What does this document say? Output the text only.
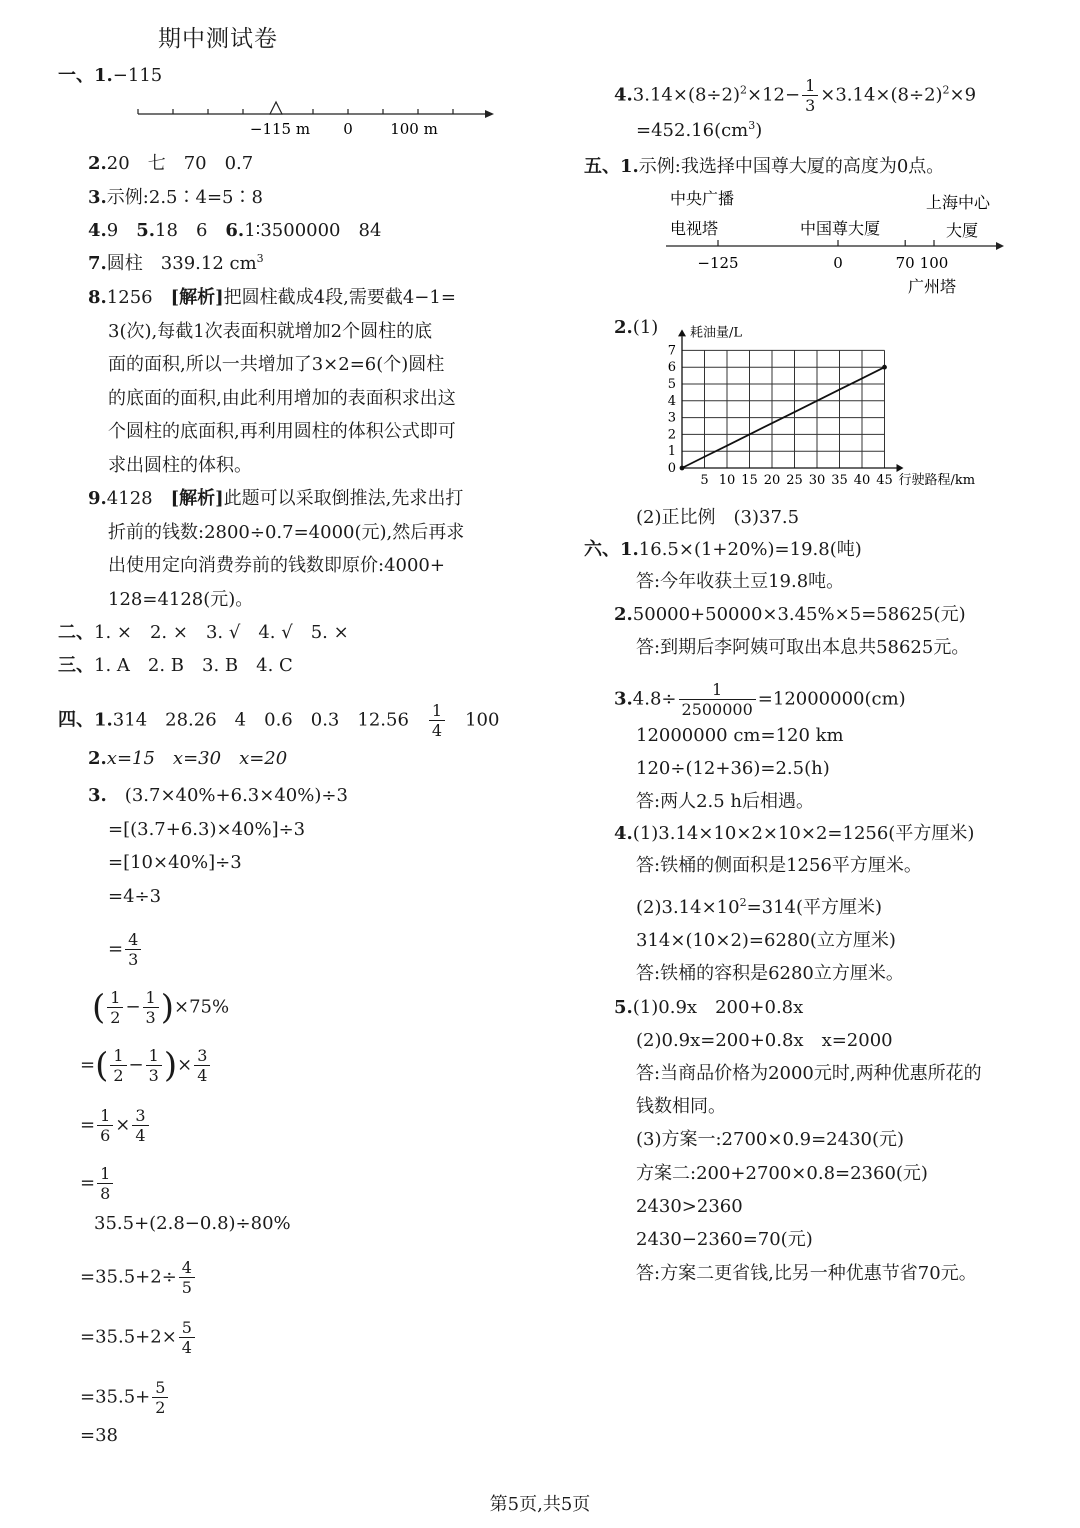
期中测试卷
一、1.−115
−115 m 0 100 m
2.20　七　70　0.7
3.示例:2.5∶4=5∶8
4.9　 5.18　6　 6.1∶3500000　84
7.圆柱　339.12 $cm^3$
8.1256　 [解析]把圆柱截成4段,需要截4−1=
3(次),每截1次表面积就增加2个圆柱的底
面的面积,所以一共增加了3×2=6(个)圆柱
的底面的面积,由此利用增加的表面积求出这
个圆柱的底面积,再利用圆柱的体积公式即可
求出圆柱的体积。
9.4128　 [解析]此题可以采取倒推法,先求出打
折前的钱数:2800÷0.7=4000(元),然后再求
出使用定向消费券前的钱数即原价:4000+
128=4128(元)。
二、1. ×　 2. ×　 3. √　 4. √　 5. ×
三、1. A　 2. B　 3. B　 4. C
四、1.314　28.26　4　0.6　0.3　12.56　 $\frac{1}{4}$
　 100
2.x=15　x=30　x=20
3.　 (3.7×40%+6.3×40%)÷3
=[(3.7+6.3)×40%]÷3
=[10×40%]÷3
=4÷3
= $\frac{4}{3}$
( $\frac{1}{2} - \frac{1}{3} )\times 75\%$
=( $\frac{1}{2} - \frac{1}{3}$ )× $\frac{3}{4}$
= $\frac{1}{6} \times \frac{3}{4}$
= $\frac{1}{8}$
35.5+(2.8−0.8)÷80%
$=35.5+2\div \frac{4}{5}$
$=35.5+2\times \frac{5}{4}$
$=35.5+ \frac{5}{2}$
=38
$4.3.14\times(8\div 2)^2\times 12- \frac{1}{3} \times 3.14\times(8\div 2)^2\times 9$
$=452.16(cm^3)$
五、1.示例:我选择中国尊大厦的高度为0点。
中央广播
电视塔	中国尊大厦
上海中心
大厦
−125	0	70 100
广州塔
2.(1)
5 10 15 20 25 30 35 40 45
1
2
3
4
5
6
7
0
行驶路程/km
耗油量/L
(2)正比例　(3)37.5
六、1.16.5×(1+20%)=19.8(吨)
答:今年收获土豆19.8吨。
2.50000+50000×3.45%×5=58625(元)
答:到期后李阿姨可取出本息共58625元。
$3.4.8\div \frac{1}{2500000} =12000000(cm)$
12000000 cm=120 km
120÷(12+36)=2.5(h)
答:两人2.5 h后相遇。
4.(1)3.14×10×2×10×2=1256(平方厘米)
答:铁桶的侧面积是1256平方厘米。
$(2)3.14\times 10^2=314$(平方厘米)
314×(10×2)=6280(立方厘米)
答:铁桶的容积是6280立方厘米。
5.(1)0.9x　200+0.8x
(2)0.9x=200+0.8x　x=2000
答:当商品价格为2000元时,两种优惠所花的
钱数相同。
(3)方案一:2700×0.9=2430(元)
方案二:200+2700×0.8=2360(元)
2430>2360
2430−2360=70(元)
答:方案二更省钱,比另一种优惠节省70元。
第5页,共5页
